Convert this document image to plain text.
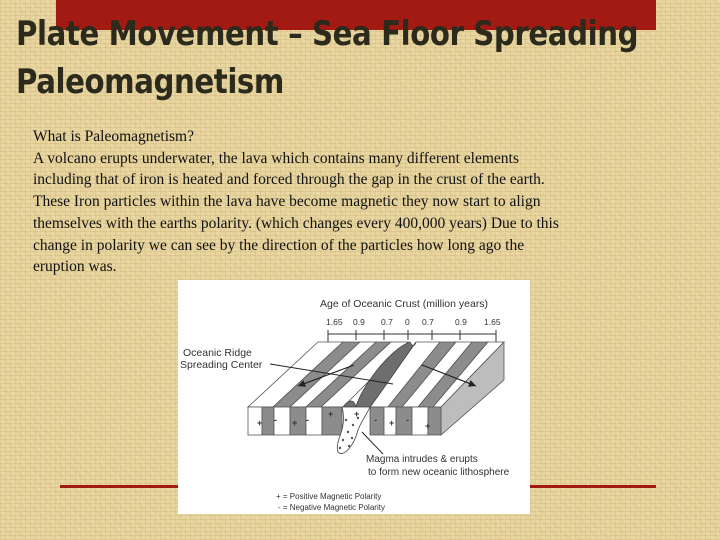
Plate Movement – Sea Floor Spreading
Paleomagnetism
What is Paleomagnetism?
A volcano erupts underwater, the lava which contains many different elements
including that of iron is heated and forced through the gap in the crust of the earth.
These Iron particles within the lava have become magnetic they now start to align
themselves with the earths polarity. (which changes every 400,000 years) Due to this
change in polarity we can see by the direction of the particles how long ago the
eruption was.
Age of Oceanic Crust (million years)
1.65 0.9 0.7 0 0.7 0.9 1.65
+ - + -
+ +
- + -
+
Oceanic Ridge
Spreading Center
Magma intrudes & erupts
to form new oceanic lithosphere
+ = Positive Magnetic Polarity
- = Negative Magnetic Polarity
